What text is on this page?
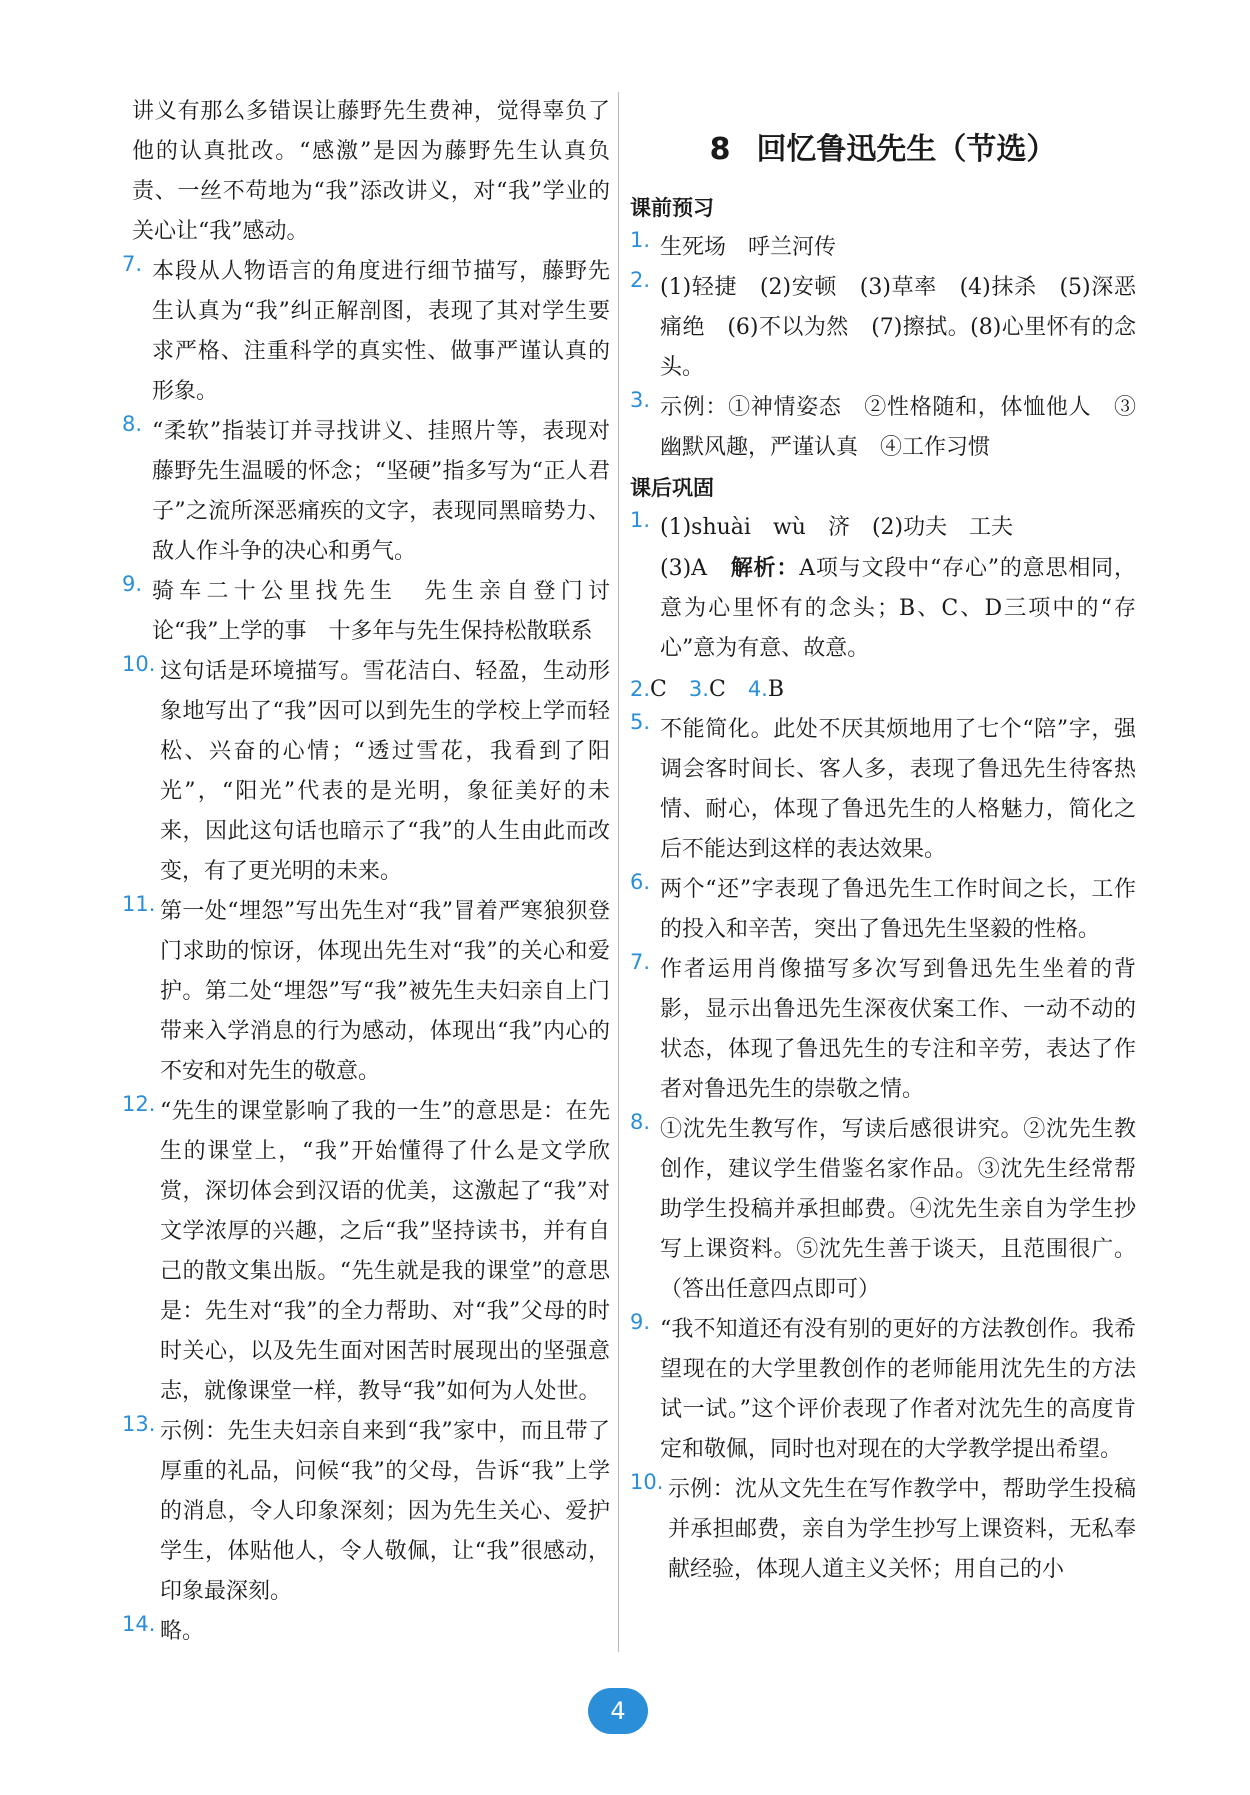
讲义有那么多错误让藤野先生费神，觉得辜负了他的认真批改。“感激”是因为藤野先生认真负责、一丝不苟地为“我”添改讲义，对“我”学业的关心让“我”感动。

7. 本段从人物语言的角度进行细节描写，藤野先生认真为“我”纠正解剖图，表现了其对学生要求严格、注重科学的真实性、做事严谨认真的形象。

8. “柔软”指装订并寻找讲义、挂照片等，表现对藤野先生温暖的怀念；“坚硬”指多写为“正人君子”之流所深恶痛疾的文字，表现同黑暗势力、敌人作斗争的决心和勇气。

9. 骑车二十公里找先生　先生亲自登门讨论“我”上学的事　十多年与先生保持松散联系

10. 这句话是环境描写。雪花洁白、轻盈，生动形象地写出了“我”因可以到先生的学校上学而轻松、兴奋的心情；“透过雪花，我看到了阳光”，“阳光”代表的是光明，象征美好的未来，因此这句话也暗示了“我”的人生由此而改变，有了更光明的未来。

11. 第一处“埋怨”写出先生对“我”冒着严寒狼狈登门求助的惊讶，体现出先生对“我”的关心和爱护。第二处“埋怨”写“我”被先生夫妇亲自上门带来入学消息的行为感动，体现出“我”内心的不安和对先生的敬意。

12. “先生的课堂影响了我的一生”的意思是：在先生的课堂上，“我”开始懂得了什么是文学欣赏，深切体会到汉语的优美，这激起了“我”对文学浓厚的兴趣，之后“我”坚持读书，并有自己的散文集出版。“先生就是我的课堂”的意思是：先生对“我”的全力帮助、对“我”父母的时时关心，以及先生面对困苦时展现出的坚强意志，就像课堂一样，教导“我”如何为人处世。

13. 示例：先生夫妇亲自来到“我”家中，而且带了厚重的礼品，问候“我”的父母，告诉“我”上学的消息，令人印象深刻；因为先生关心、爱护学生，体贴他人，令人敬佩，让“我”很感动，印象最深刻。

14. 略。

8 回忆鲁迅先生（节选）

课前预习

1. 生死场　呼兰河传

2. (1)轻捷　(2)安顿　(3)草率　(4)抹杀　(5)深恶痛绝　(6)不以为然　(7)擦拭。(8)心里怀有的念头。

3. 示例：①神情姿态　②性格随和，体恤他人　③幽默风趣，严谨认真　④工作习惯

课后巩固

1. (1)shuài　wù　济　(2)功夫　工夫

(3)A　 解析：A项与文段中“存心”的意思相同，意为心里怀有的念头；B、C、D三项中的“存心”意为有意、故意。

2.C　 3.C　 4.B

5. 不能简化。此处不厌其烦地用了七个“陪”字，强调会客时间长、客人多，表现了鲁迅先生待客热情、耐心，体现了鲁迅先生的人格魅力，简化之后不能达到这样的表达效果。

6. 两个“还”字表现了鲁迅先生工作时间之长，工作的投入和辛苦，突出了鲁迅先生坚毅的性格。

7. 作者运用肖像描写多次写到鲁迅先生坐着的背影，显示出鲁迅先生深夜伏案工作、一动不动的状态，体现了鲁迅先生的专注和辛劳，表达了作者对鲁迅先生的崇敬之情。

8. ①沈先生教写作，写读后感很讲究。②沈先生教创作，建议学生借鉴名家作品。③沈先生经常帮助学生投稿并承担邮费。④沈先生亲自为学生抄写上课资料。⑤沈先生善于谈天，且范围很广。（答出任意四点即可）

9. “我不知道还有没有别的更好的方法教创作。我希望现在的大学里教创作的老师能用沈先生的方法试一试。”这个评价表现了作者对沈先生的高度肯定和敬佩，同时也对现在的大学教学提出希望。

10. 示例：沈从文先生在写作教学中，帮助学生投稿并承担邮费，亲自为学生抄写上课资料，无私奉献经验，体现人道主义关怀；用自己的小

4
